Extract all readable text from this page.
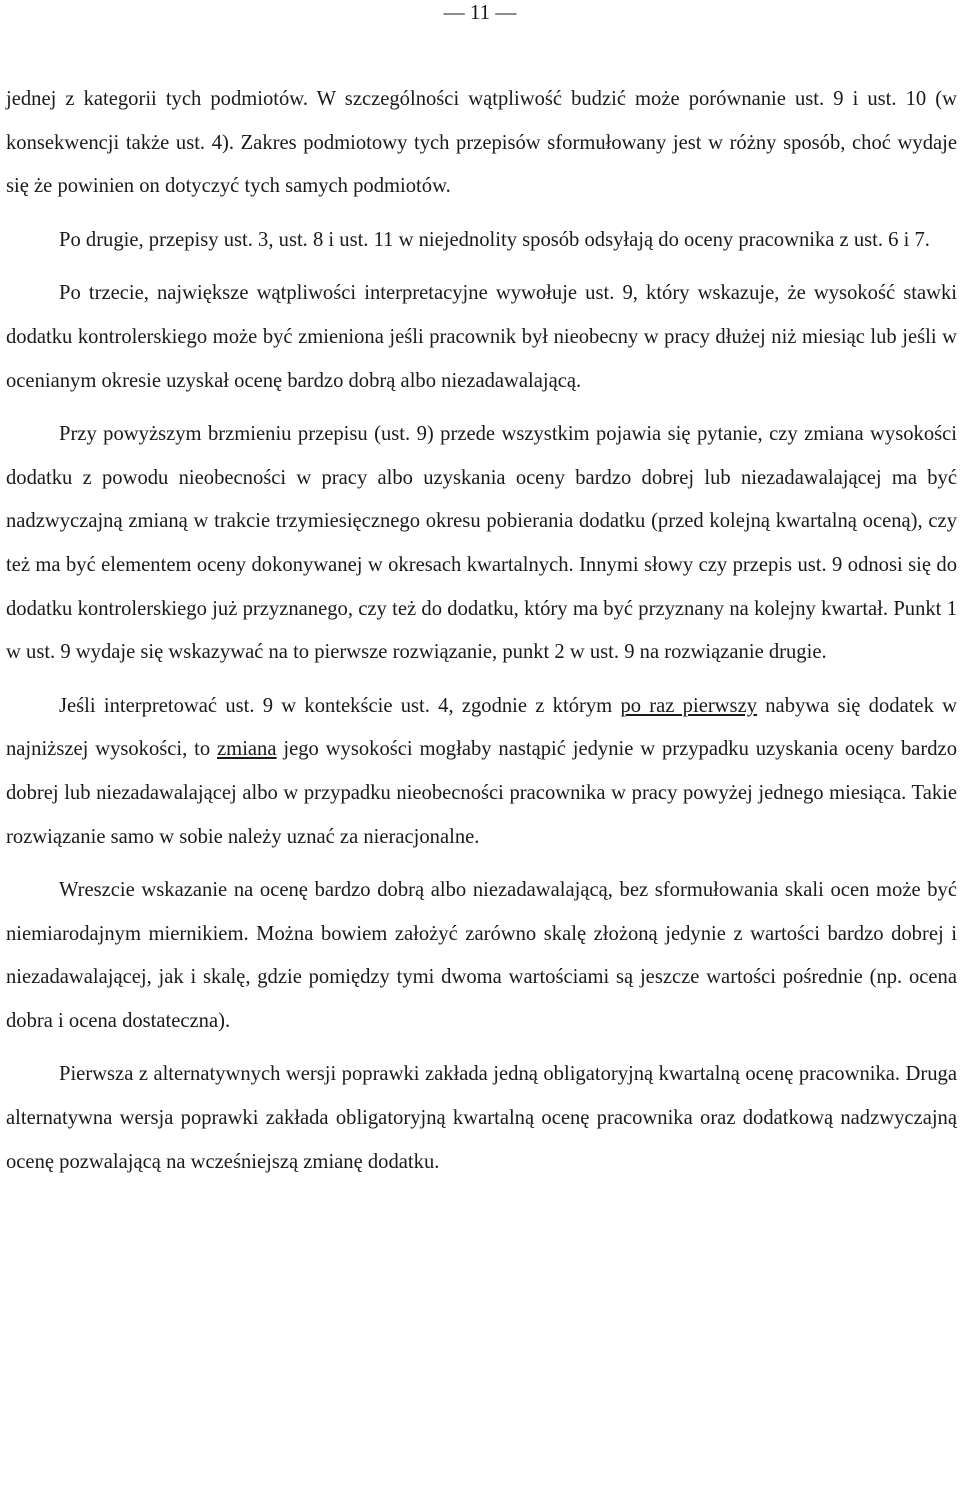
— 11 —

jednej z kategorii tych podmiotów. W szczególności wątpliwość budzić może porównanie ust. 9 i ust. 10 (w konsekwencji także ust. 4). Zakres podmiotowy tych przepisów sformułowany jest w różny sposób, choć wydaje się że powinien on dotyczyć tych samych podmiotów.

Po drugie, przepisy ust. 3, ust. 8 i ust. 11 w niejednolity sposób odsyłają do oceny pracownika z ust. 6 i 7.

Po trzecie, największe wątpliwości interpretacyjne wywołuje ust. 9, który wskazuje, że wysokość stawki dodatku kontrolerskiego może być zmieniona jeśli pracownik był nieobecny w pracy dłużej niż miesiąc lub jeśli w ocenianym okresie uzyskał ocenę bardzo dobrą albo niezadawalającą.

Przy powyższym brzmieniu przepisu (ust. 9) przede wszystkim pojawia się pytanie, czy zmiana wysokości dodatku z powodu nieobecności w pracy albo uzyskania oceny bardzo dobrej lub niezadawalającej ma być nadzwyczajną zmianą w trakcie trzymiesięcznego okresu pobierania dodatku (przed kolejną kwartalną oceną), czy też ma być elementem oceny dokonywanej w okresach kwartalnych. Innymi słowy czy przepis ust. 9 odnosi się do dodatku kontrolerskiego już przyznanego, czy też do dodatku, który ma być przyznany na kolejny kwartał. Punkt 1 w ust. 9 wydaje się wskazywać na to pierwsze rozwiązanie, punkt 2 w ust. 9 na rozwiązanie drugie.

Jeśli interpretować ust. 9 w kontekście ust. 4, zgodnie z którym po raz pierwszy nabywa się dodatek w najniższej wysokości, to zmiana jego wysokości mogłaby nastąpić jedynie w przypadku uzyskania oceny bardzo dobrej lub niezadawalającej albo w przypadku nieobecności pracownika w pracy powyżej jednego miesiąca. Takie rozwiązanie samo w sobie należy uznać za nieracjonalne.

Wreszcie wskazanie na ocenę bardzo dobrą albo niezadawalającą, bez sformułowania skali ocen może być niemiarodajnym miernikiem. Można bowiem założyć zarówno skalę złożoną jedynie z wartości bardzo dobrej i niezadawalającej, jak i skalę, gdzie pomiędzy tymi dwoma wartościami są jeszcze wartości pośrednie (np. ocena dobra i ocena dostateczna).

Pierwsza z alternatywnych wersji poprawki zakłada jedną obligatoryjną kwartalną ocenę pracownika. Druga alternatywna wersja poprawki zakłada obligatoryjną kwartalną ocenę pracownika oraz dodatkową nadzwyczajną ocenę pozwalającą na wcześniejszą zmianę dodatku.
